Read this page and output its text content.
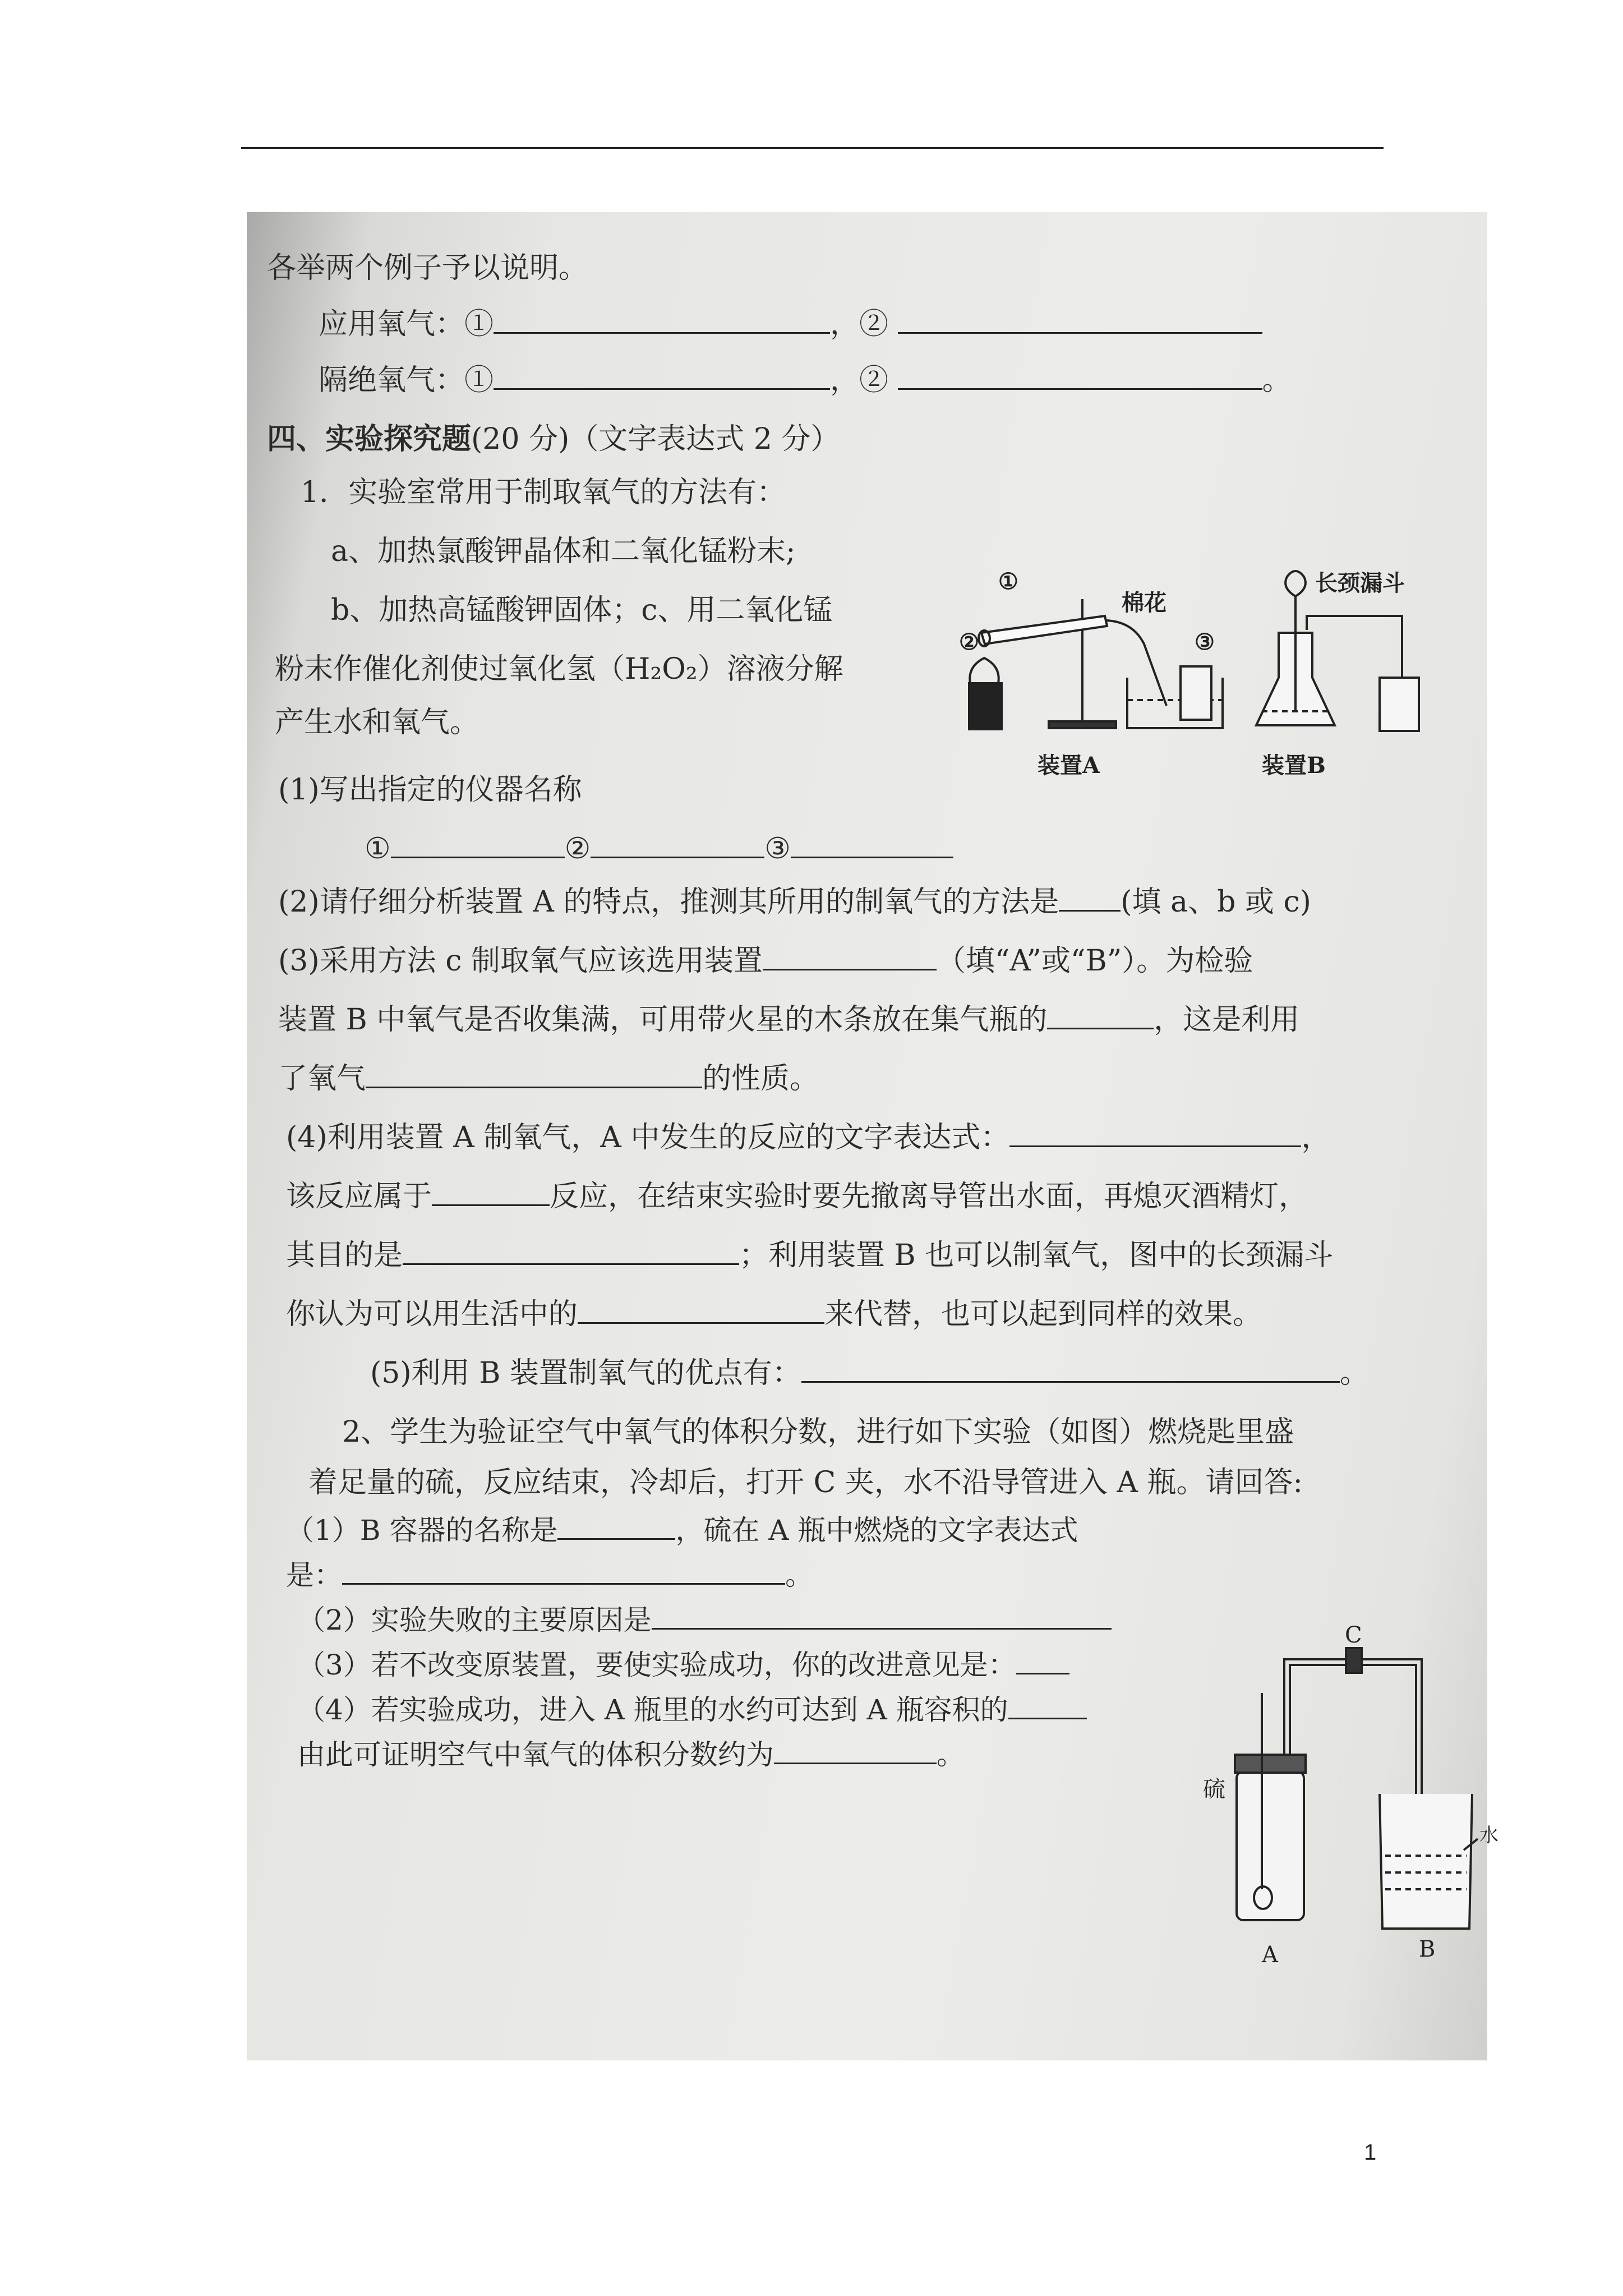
各举两个例子予以说明。
应用氧气：①	，②
隔绝氧气：①	，②	。
四、实验探究题(20 分)（文字表达式 2 分）
1．实验室常用于制取氧气的方法有：
a、加热氯酸钾晶体和二氧化锰粉末;
b、加热高锰酸钾固体；c、用二氧化锰
粉末作催化剂使过氧化氢（H₂O₂）溶液分解
产生水和氧气。
①
②
棉花
③
长颈漏斗
装置A	装置B
(1)写出指定的仪器名称
①	②	③
(2)请仔细分析装置 A 的特点，推测其所用的制氧气的方法是 (填 a、b 或 c)
(3)采用方法 c 制取氧气应该选用装置	（填“A”或“B”）。为检验
装置 B 中氧气是否收集满，可用带火星的木条放在集气瓶的	，这是利用
了氧气	的性质。
(4)利用装置 A 制氧气，A 中发生的反应的文字表达式：	，
该反应属于	反应，在结束实验时要先撤离导管出水面，再熄灭酒精灯，
其目的是	；利用装置 B 也可以制氧气，图中的长颈漏斗
你认为可以用生活中的	来代替，也可以起到同样的效果。
(5)利用 B 装置制氧气的优点有：	。
2、学生为验证空气中氧气的体积分数，进行如下实验（如图）燃烧匙里盛
着足量的硫，反应结束，冷却后，打开 C 夹，水不沿导管进入 A 瓶。请回答:
（1）B 容器的名称是	，硫在 A 瓶中燃烧的文字表达式
是：	。
（2）实验失败的主要原因是
（3）若不改变原装置，要使实验成功，你的改进意见是：
（4）若实验成功，进入 A 瓶里的水约可达到 A 瓶容积的
由此可证明空气中氧气的体积分数约为	。
C
硫
水
A	B
1
